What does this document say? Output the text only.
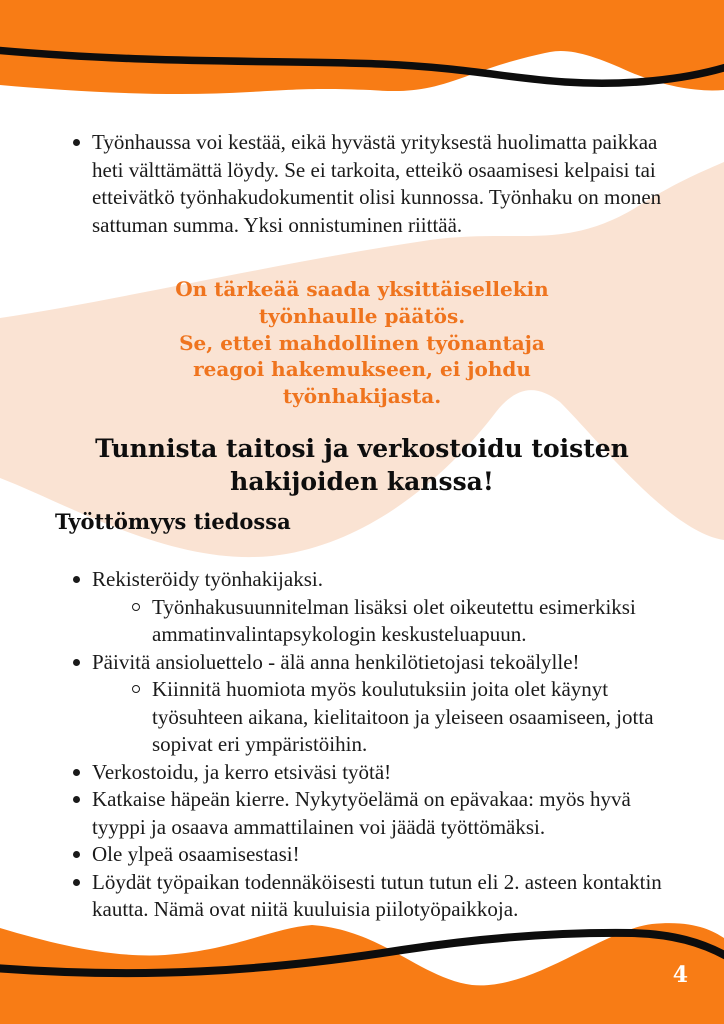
Työnhaussa voi kestää, eikä hyvästä yrityksestä huolimatta paikkaa heti välttämättä löydy. Se ei tarkoita, etteikö osaamisesi kelpaisi tai etteivätkö työnhakudokumentit olisi kunnossa. Työnhaku on monen sattuman summa. Yksi onnistuminen riittää.
On tärkeää saada yksittäisellekin
työnhaulle päätös.
Se, ettei mahdollinen työnantaja
reagoi hakemukseen, ei johdu
työnhakijasta.
Tunnista taitosi ja verkostoidu toisten
hakijoiden kanssa!
Työttömyys tiedossa
Rekisteröidy työnhakijaksi.
Työnhakusuunnitelman lisäksi olet oikeutettu esimerkiksi ammatinvalintapsykologin keskusteluapuun.
Päivitä ansioluettelo - älä anna henkilötietojasi tekoälylle!
Kiinnitä huomiota myös koulutuksiin joita olet käynyt työsuhteen aikana, kielitaitoon ja yleiseen osaamiseen, jotta sopivat eri ympäristöihin.
Verkostoidu, ja kerro etsiväsi työtä!
Katkaise häpeän kierre. Nykytyöelämä on epävakaa: myös hyvä tyyppi ja osaava ammattilainen voi jäädä työttömäksi.
Ole ylpeä osaamisestasi!
Löydät työpaikan todennäköisesti tutun tutun eli 2. asteen kontaktin kautta. Nämä ovat niitä kuuluisia piilotyöpaikkoja.
4
